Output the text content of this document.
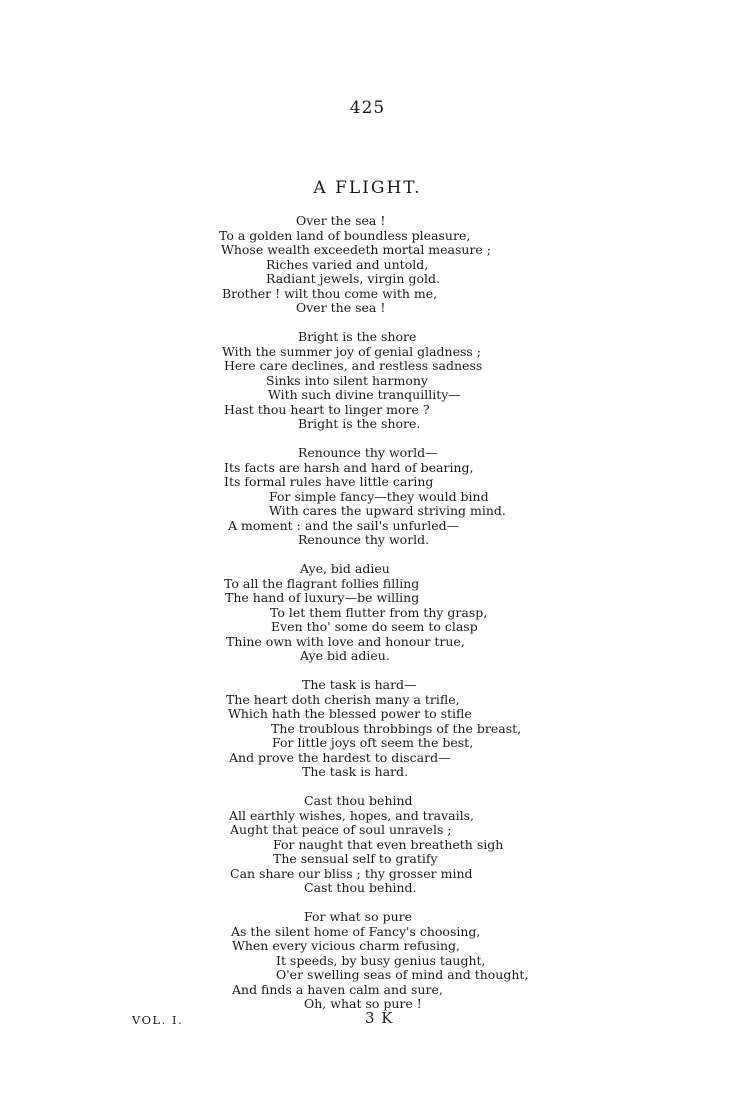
425
A FLIGHT.
Over the sea !
To a golden land of boundless pleasure,
Whose wealth exceedeth mortal measure ;
Riches varied and untold,
Radiant jewels, virgin gold.
Brother ! wilt thou come with me,
Over the sea !
Bright is the shore
With the summer joy of genial gladness ;
Here care declines, and restless sadness
Sinks into silent harmony
With such divine tranquillity—
Hast thou heart to linger more ?
Bright is the shore.
Renounce thy world—
Its facts are harsh and hard of bearing,
Its formal rules have little caring
For simple fancy—they would bind
With cares the upward striving mind.
A moment : and the sail's unfurled—
Renounce thy world.
Aye, bid adieu
To all the flagrant follies filling
The hand of luxury—be willing
To let them flutter from thy grasp,
Even tho' some do seem to clasp
Thine own with love and honour true,
Aye bid adieu.
The task is hard—
The heart doth cherish many a trifle,
Which hath the blessed power to stifle
The troublous throbbings of the breast,
For little joys oft seem the best,
And prove the hardest to discard—
The task is hard.
Cast thou behind
All earthly wishes, hopes, and travails,
Aught that peace of soul unravels ;
For naught that even breatheth sigh
The sensual self to gratify
Can share our bliss ; thy grosser mind
Cast thou behind.
For what so pure
As the silent home of Fancy's choosing,
When every vicious charm refusing,
It speeds, by busy genius taught,
O'er swelling seas of mind and thought,
And finds a haven calm and sure,
Oh, what so pure !
VOL. I.	3 K
